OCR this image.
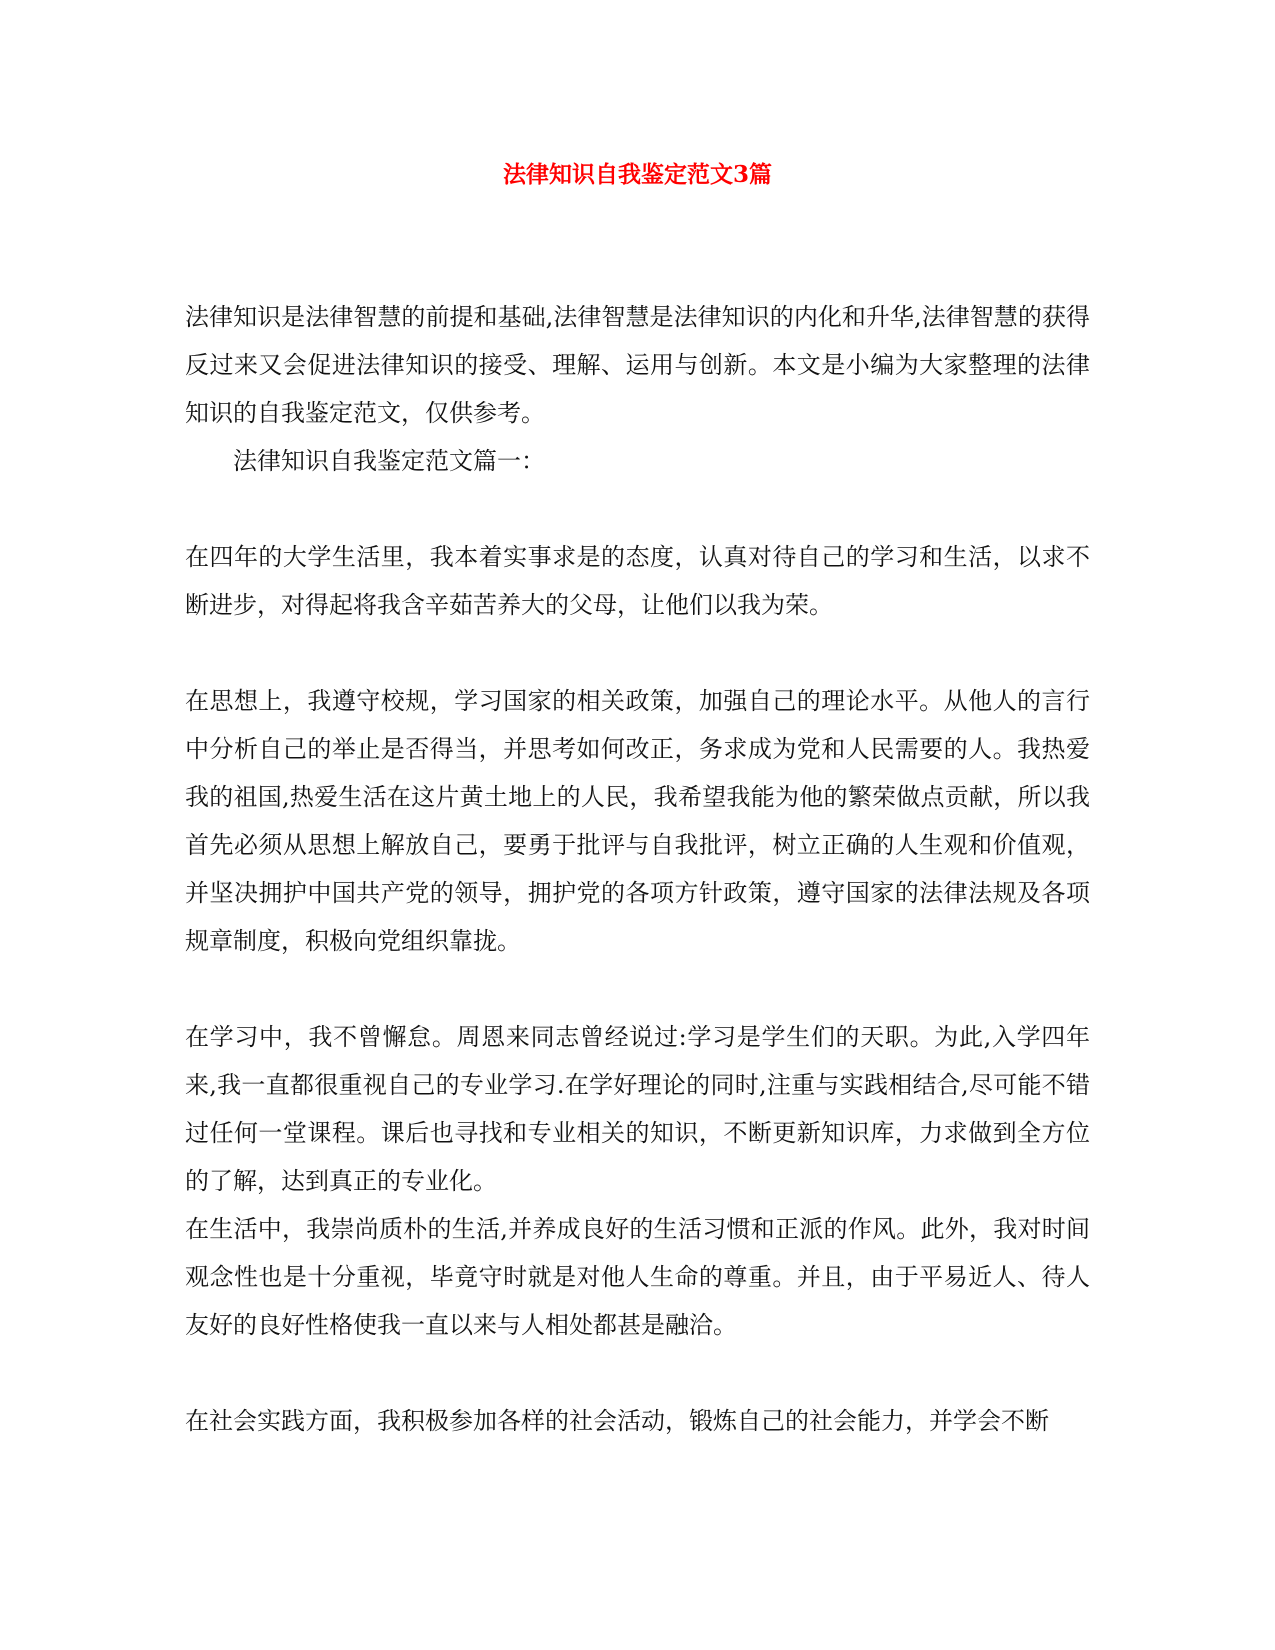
法律知识自我鉴定范文3篇

法律知识是法律智慧的前提和基础,法律智慧是法律知识的内化和升华,法律智慧的获得反过来又会促进法律知识的接受、理解、运用与创新。本文是小编为大家整理的法律知识的自我鉴定范文，仅供参考。

法律知识自我鉴定范文篇一：

在四年的大学生活里，我本着实事求是的态度，认真对待自己的学习和生活，以求不断进步，对得起将我含辛茹苦养大的父母，让他们以我为荣。

在思想上，我遵守校规，学习国家的相关政策，加强自己的理论水平。从他人的言行中分析自己的举止是否得当，并思考如何改正，务求成为党和人民需要的人。我热爱我的祖国,热爱生活在这片黄土地上的人民，我希望我能为他的繁荣做点贡献，所以我首先必须从思想上解放自己，要勇于批评与自我批评，树立正确的人生观和价值观，并坚决拥护中国共产党的领导，拥护党的各项方针政策，遵守国家的法律法规及各项规章制度，积极向党组织靠拢。

在学习中，我不曾懈怠。周恩来同志曾经说过:学习是学生们的天职。为此,入学四年来,我一直都很重视自己的专业学习.在学好理论的同时,注重与实践相结合,尽可能不错过任何一堂课程。课后也寻找和专业相关的知识，不断更新知识库，力求做到全方位的了解，达到真正的专业化。

在生活中，我崇尚质朴的生活,并养成良好的生活习惯和正派的作风。此外，我对时间观念性也是十分重视，毕竟守时就是对他人生命的尊重。并且，由于平易近人、待人友好的良好性格使我一直以来与人相处都甚是融洽。

在社会实践方面，我积极参加各样的社会活动，锻炼自己的社会能力，并学会不断
